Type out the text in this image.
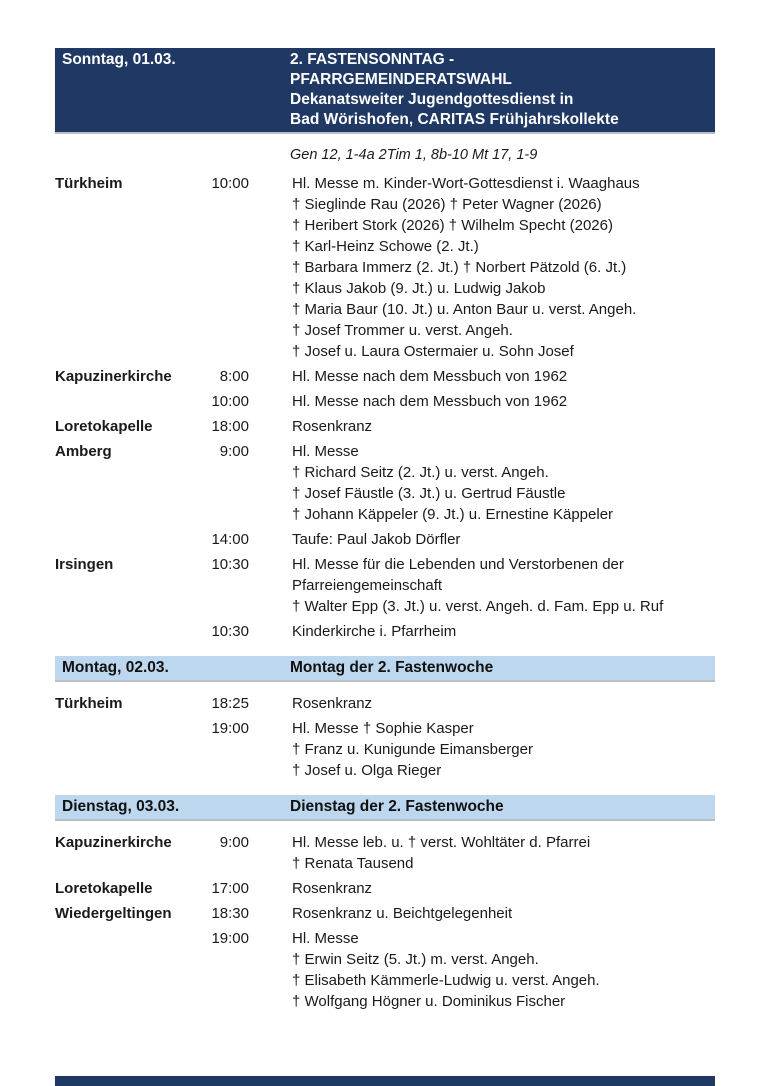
Sonntag, 01.03.	2. FASTENSONNTAG -
PFARRGEMEINDERATSWAHL
Dekanatsweiter Jugendgottesdienst in
Bad Wörishofen, CARITAS Frühjahrskollekte
Gen 12, 1-4a 2Tim 1, 8b-10 Mt 17, 1-9
Türkheim	10:00	Hl. Messe m. Kinder-Wort-Gottesdienst i. Waaghaus
† Sieglinde Rau (2026) † Peter Wagner (2026)
† Heribert Stork (2026) † Wilhelm Specht (2026)
† Karl-Heinz Schowe (2. Jt.)
† Barbara Immerz (2. Jt.) † Norbert Pätzold (6. Jt.)
† Klaus Jakob (9. Jt.) u. Ludwig Jakob
† Maria Baur (10. Jt.) u. Anton Baur u. verst. Angeh.
† Josef Trommer u. verst. Angeh.
† Josef u. Laura Ostermaier u. Sohn Josef
Kapuzinerkirche	8:00	Hl. Messe nach dem Messbuch von 1962
10:00	Hl. Messe nach dem Messbuch von 1962
Loretokapelle	18:00	Rosenkranz
Amberg	9:00	Hl. Messe
† Richard Seitz (2. Jt.) u. verst. Angeh.
† Josef Fäustle (3. Jt.) u. Gertrud Fäustle
† Johann Käppeler (9. Jt.) u. Ernestine Käppeler
14:00	Taufe: Paul Jakob Dörfler
Irsingen	10:30	Hl. Messe für die Lebenden und Verstorbenen der Pfarreiengemeinschaft
† Walter Epp (3. Jt.) u. verst. Angeh. d. Fam. Epp u. Ruf
10:30	Kinderkirche i. Pfarrheim
Montag, 02.03.	Montag der 2. Fastenwoche
Türkheim	18:25	Rosenkranz
19:00	Hl. Messe † Sophie Kasper
† Franz u. Kunigunde Eimansberger
† Josef u. Olga Rieger
Dienstag, 03.03.	Dienstag der 2. Fastenwoche
Kapuzinerkirche	9:00	Hl. Messe leb. u. † verst. Wohltäter d. Pfarrei
† Renata Tausend
Loretokapelle	17:00	Rosenkranz
Wiedergeltingen	18:30	Rosenkranz u. Beichtgelegenheit
19:00	Hl. Messe
† Erwin Seitz (5. Jt.) m. verst. Angeh.
† Elisabeth Kämmerle-Ludwig u. verst. Angeh.
† Wolfgang Högner u. Dominikus Fischer
